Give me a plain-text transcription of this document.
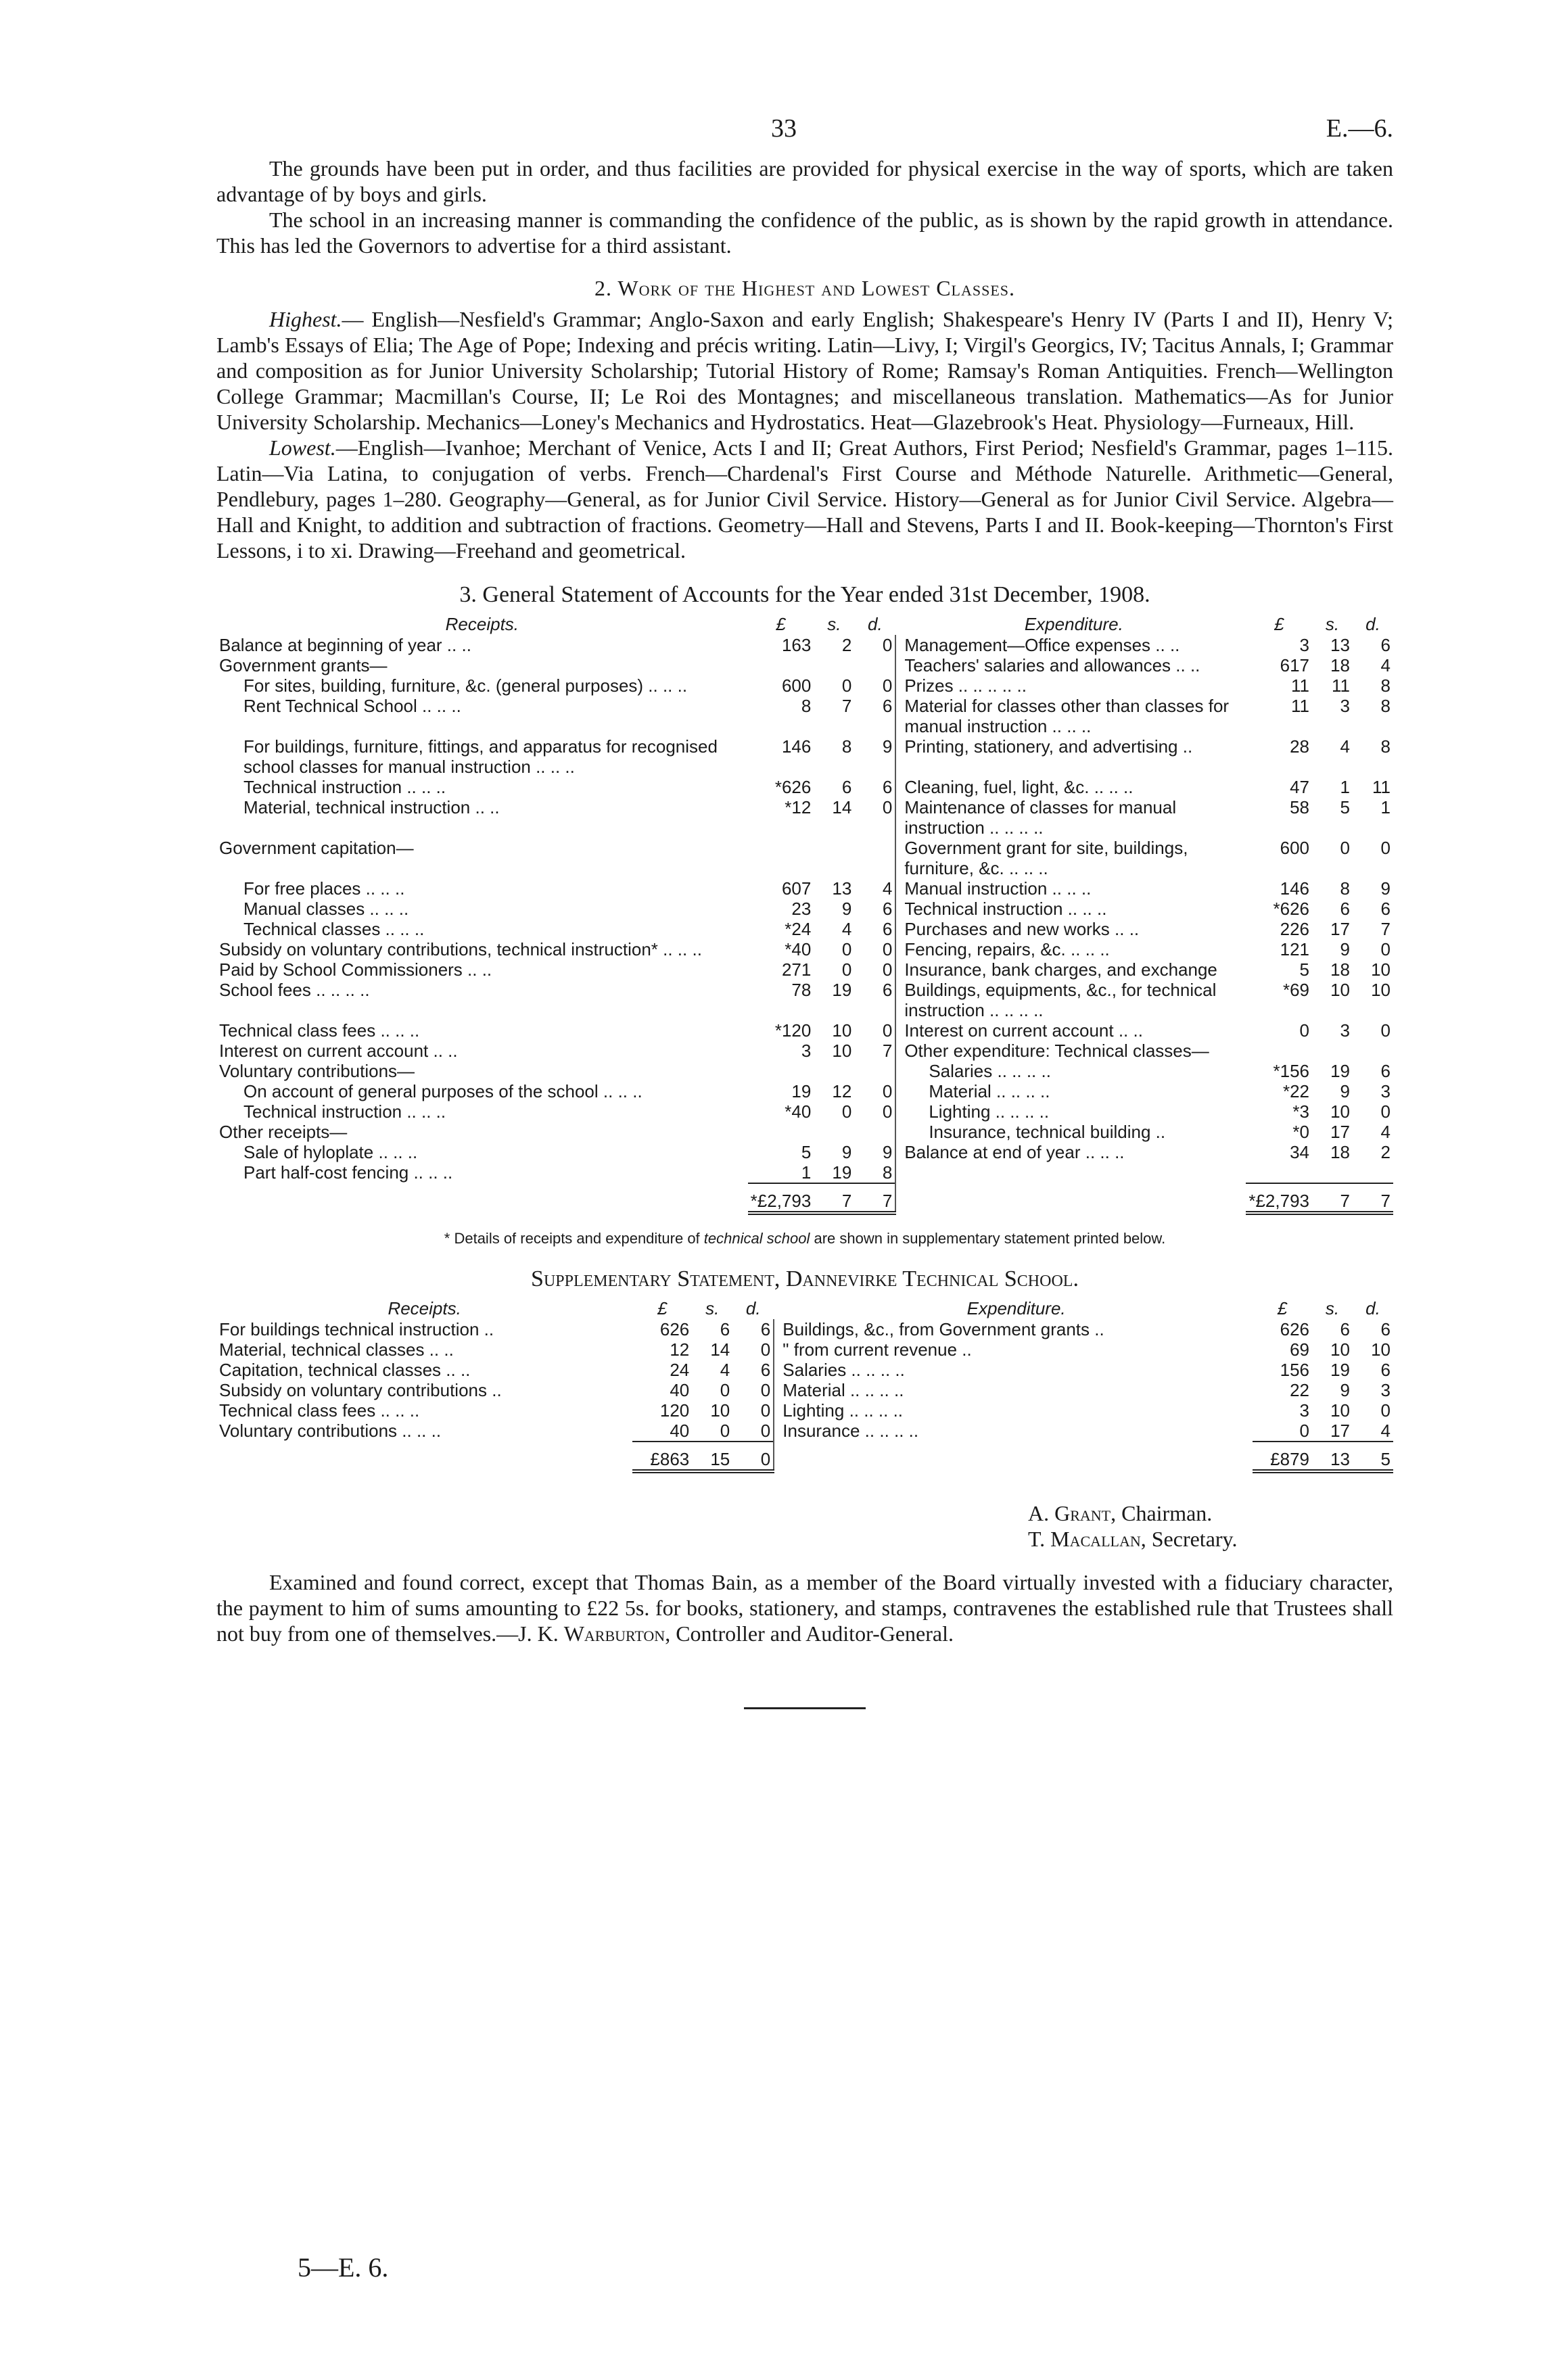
33	E.—6.

The grounds have been put in order, and thus facilities are provided for physical exercise in the way of sports, which are taken advantage of by boys and girls.

The school in an increasing manner is commanding the confidence of the public, as is shown by the rapid growth in attendance. This has led the Governors to advertise for a third assistant.

2. Work of the Highest and Lowest Classes.

Highest.— English—Nesfield's Grammar; Anglo-Saxon and early English; Shakespeare's Henry IV (Parts I and II), Henry V; Lamb's Essays of Elia; The Age of Pope; Indexing and précis writing. Latin—Livy, I; Virgil's Georgics, IV; Tacitus Annals, I; Grammar and composition as for Junior University Scholarship; Tutorial History of Rome; Ramsay's Roman Antiquities. French—Wellington College Grammar; Macmillan's Course, II; Le Roi des Montagnes; and miscellaneous translation. Mathematics—As for Junior University Scholarship. Mechanics—Loney's Mechanics and Hydrostatics. Heat—Glazebrook's Heat. Physiology—Furneaux, Hill.

Lowest.—English—Ivanhoe; Merchant of Venice, Acts I and II; Great Authors, First Period; Nesfield's Grammar, pages 1–115. Latin—Via Latina, to conjugation of verbs. French—Chardenal's First Course and Méthode Naturelle. Arithmetic—General, Pendlebury, pages 1–280. Geography—General, as for Junior Civil Service. History—General as for Junior Civil Service. Algebra—Hall and Knight, to addition and subtraction of fractions. Geometry—Hall and Stevens, Parts I and II. Book-keeping—Thornton's First Lessons, i to xi. Drawing—Freehand and geometrical.

3. General Statement of Accounts for the Year ended 31st December, 1908.
Receipts.	£	s.	d.		Expenditure.	£	s.	d.
Balance at beginning of year .. ..	163	2	0		Management—Office expenses .. ..	3	13	6
Government grants—					Teachers' salaries and allowances .. ..	617	18	4
For sites, building, furniture, &c. (general purposes) .. .. ..	600	0	0		Prizes .. .. .. .. ..	11	11	8
Rent Technical School .. .. ..	8	7	6		Material for classes other than classes for manual instruction .. .. ..	11	3	8
For buildings, furniture, fittings, and apparatus for recognised school classes for manual instruction .. .. ..	146	8	9		Printing, stationery, and advertising ..	28	4	8
Technical instruction .. .. ..	*626	6	6		Cleaning, fuel, light, &c. .. .. ..	47	1	11
Material, technical instruction .. ..	*12	14	0		Maintenance of classes for manual instruction .. .. .. ..	58	5	1
Government capitation—					Government grant for site, buildings, furniture, &c. .. .. ..	600	0	0
For free places .. .. ..	607	13	4		Manual instruction .. .. ..	146	8	9
Manual classes .. .. ..	23	9	6		Technical instruction .. .. ..	*626	6	6
Technical classes .. .. ..	*24	4	6		Purchases and new works .. ..	226	17	7
Subsidy on voluntary contributions, technical instruction* .. .. ..	*40	0	0		Fencing, repairs, &c. .. .. ..	121	9	0
Paid by School Commissioners .. ..	271	0	0		Insurance, bank charges, and exchange	5	18	10
School fees .. .. .. ..	78	19	6		Buildings, equipments, &c., for technical instruction .. .. .. ..	*69	10	10
Technical class fees .. .. ..	*120	10	0		Interest on current account .. ..	0	3	0
Interest on current account .. ..	3	10	7		Other expenditure: Technical classes—			
Voluntary contributions—					Salaries .. .. .. ..	*156	19	6
On account of general purposes of the school .. .. ..	19	12	0		Material .. .. .. ..	*22	9	3
Technical instruction .. .. ..	*40	0	0		Lighting .. .. .. ..	*3	10	0
Other receipts—					Insurance, technical building ..	*0	17	4
Sale of hyloplate .. .. ..	5	9	9		Balance at end of year .. .. ..	34	18	2
Part half-cost fencing .. .. ..	1	19	8					
	*£2,793	7	7			*£2,793	7	7
* Details of receipts and expenditure of technical school are shown in supplementary statement printed below.
Supplementary Statement, Dannevirke Technical School.
Receipts.	£	s.	d.		Expenditure.	£	s.	d.
For buildings technical instruction ..	626	6	6		Buildings, &c., from Government grants ..	626	6	6
Material, technical classes .. ..	12	14	0		" from current revenue ..	69	10	10
Capitation, technical classes .. ..	24	4	6		Salaries .. .. .. ..	156	19	6
Subsidy on voluntary contributions ..	40	0	0		Material .. .. .. ..	22	9	3
Technical class fees .. .. ..	120	10	0		Lighting .. .. .. ..	3	10	0
Voluntary contributions .. .. ..	40	0	0		Insurance .. .. .. ..	0	17	4
	£863	15	0			£879	13	5
A. Grant, Chairman.
T. Macallan, Secretary.

Examined and found correct, except that Thomas Bain, as a member of the Board virtually invested with a fiduciary character, the payment to him of sums amounting to £22 5s. for books, stationery, and stamps, contravenes the established rule that Trustees shall not buy from one of themselves.—J. K. Warburton, Controller and Auditor-General.

5—E. 6.
